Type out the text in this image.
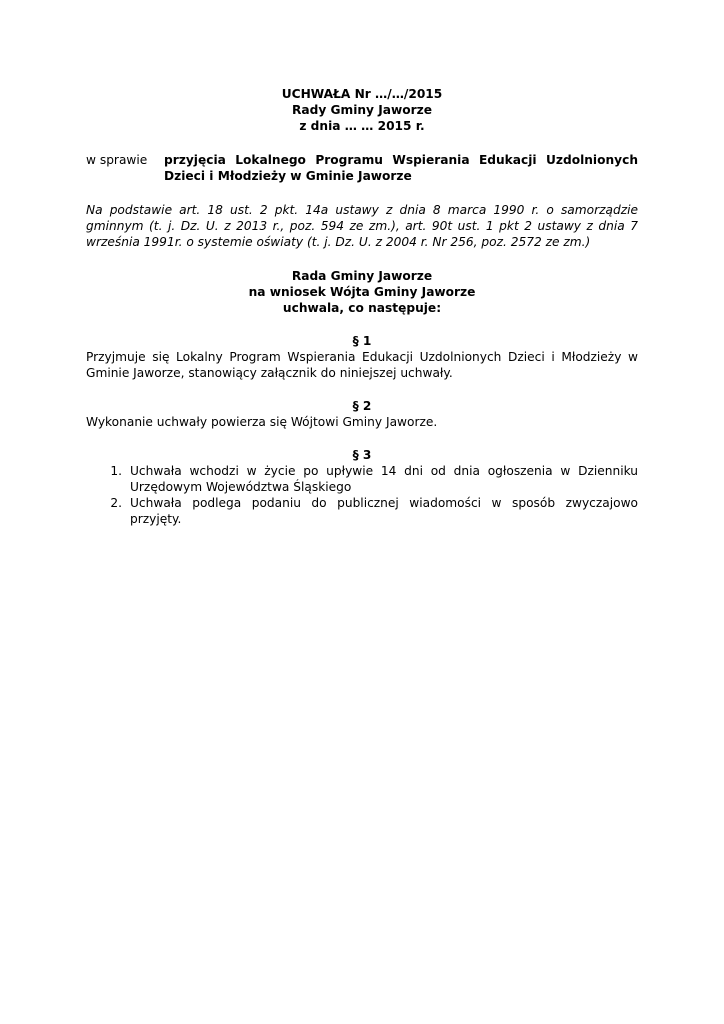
UCHWAŁA Nr …/…/2015
Rady Gminy Jaworze
z dnia … … 2015 r.
w sprawie	przyjęcia Lokalnego Programu Wspierania Edukacji Uzdolnionych Dzieci i Młodzieży w Gminie Jaworze
Na podstawie art. 18 ust. 2 pkt. 14a ustawy z dnia 8 marca 1990 r. o samorządzie gminnym (t. j. Dz. U. z 2013 r., poz. 594 ze zm.), art. 90t ust. 1 pkt 2 ustawy z dnia 7 września 1991r. o systemie oświaty (t. j. Dz. U. z 2004 r. Nr 256, poz. 2572 ze zm.)
Rada Gminy Jaworze
na wniosek Wójta Gminy Jaworze
uchwala, co następuje:
§ 1
Przyjmuje się Lokalny Program Wspierania Edukacji Uzdolnionych Dzieci i Młodzieży w Gminie Jaworze, stanowiący załącznik do niniejszej uchwały.
§ 2
Wykonanie uchwały powierza się Wójtowi Gminy Jaworze.
§ 3
1. Uchwała wchodzi w życie po upływie 14 dni od dnia ogłoszenia w Dzienniku Urzędowym Województwa Śląskiego
2. Uchwała podlega podaniu do publicznej wiadomości w sposób zwyczajowo przyjęty.
